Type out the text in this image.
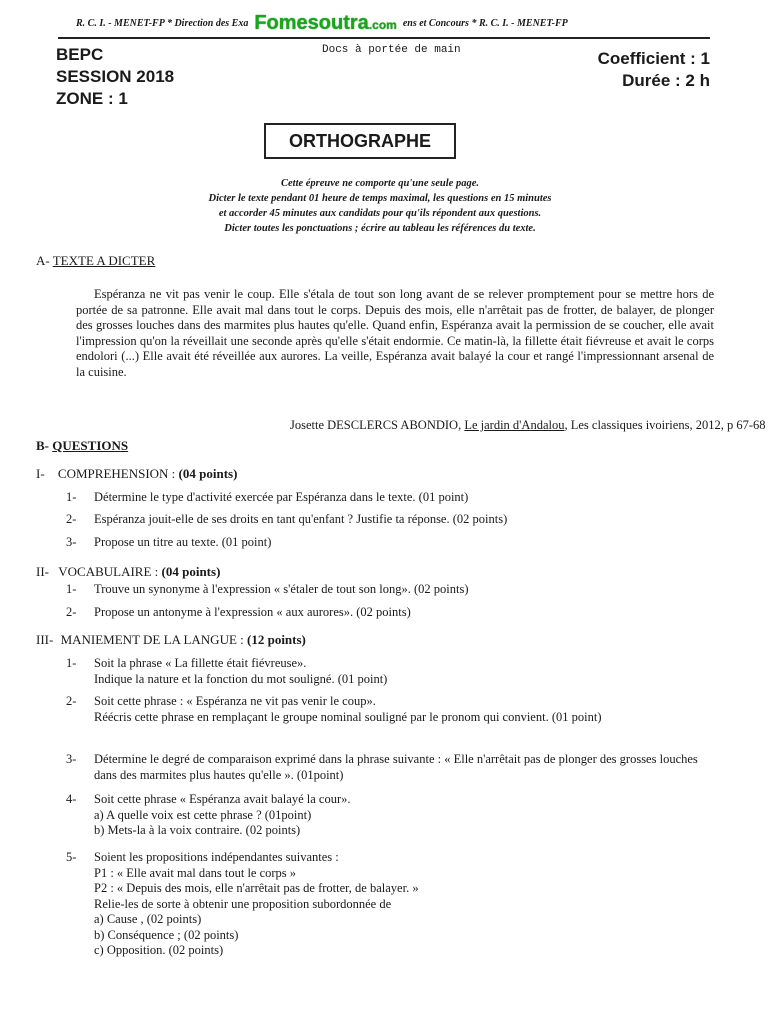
R. C. I. - MENET-FP * Direction des Exa Fomesoutra.com ens et Concours * R. C. I. - MENET-FP
BEPC
SESSION 2018
ZONE : 1
Docs à portée de main	Coefficient : 1
Durée : 2 h
ORTHOGRAPHE
Cette épreuve ne comporte qu'une seule page.
Dicter le texte pendant 01 heure de temps maximal, les questions en 15 minutes
et accorder 45 minutes aux candidats pour qu'ils répondent aux questions.
Dicter toutes les ponctuations ; écrire au tableau les références du texte.
A- TEXTE A DICTER

Espéranza ne vit pas venir le coup. Elle s'étala de tout son long avant de se relever promptement pour se mettre hors de portée de sa patronne. Elle avait mal dans tout le corps. Depuis des mois, elle n'arrêtait pas de frotter, de balayer, de plonger des grosses louches dans des marmites plus hautes qu'elle. Quand enfin, Espéranza avait la permission de se coucher, elle avait l'impression qu'on la réveillait une seconde après qu'elle s'était endormie. Ce matin-là, la fillette était fiévreuse et avait le corps endolori (...) Elle avait été réveillée aux aurores. La veille, Espéranza avait balayé la cour et rangé l'impressionnant arsenal de la cuisine.

Josette DESCLERCS ABONDIO, Le jardin d'Andalou, Les classiques ivoiriens, 2012, p 67-68
B- QUESTIONS
I- COMPREHENSION : (04 points)
1- Détermine le type d'activité exercée par Espéranza dans le texte. (01 point)
2- Espéranza jouit-elle de ses droits en tant qu'enfant ? Justifie ta réponse. (02 points)
3- Propose un titre au texte. (01 point)
II- VOCABULAIRE : (04 points)
1- Trouve un synonyme à l'expression « s'étaler de tout son long». (02 points)
2- Propose un antonyme à l'expression « aux aurores». (02 points)
III- MANIEMENT DE LA LANGUE : (12 points)
1- Soit la phrase « La fillette était fiévreuse».
Indique la nature et la fonction du mot souligné. (01 point)
2- Soit cette phrase : « Espéranza ne vit pas venir le coup».
Réécris cette phrase en remplaçant le groupe nominal souligné par le pronom qui convient. (01 point)
3- Détermine le degré de comparaison exprimé dans la phrase suivante : « Elle n'arrêtait pas de plonger des grosses louches dans des marmites plus hautes qu'elle ». (01point)
4- Soit cette phrase « Espéranza avait balayé la cour».
a) A quelle voix est cette phrase ? (01point)
b) Mets-la à la voix contraire. (02 points)
5- Soient les propositions indépendantes suivantes :
P1 : « Elle avait mal dans tout le corps »
P2 : « Depuis des mois, elle n'arrêtait pas de frotter, de balayer. »
Relie-les de sorte à obtenir une proposition subordonnée de
a) Cause , (02 points)
b) Conséquence ; (02 points)
c) Opposition. (02 points)
